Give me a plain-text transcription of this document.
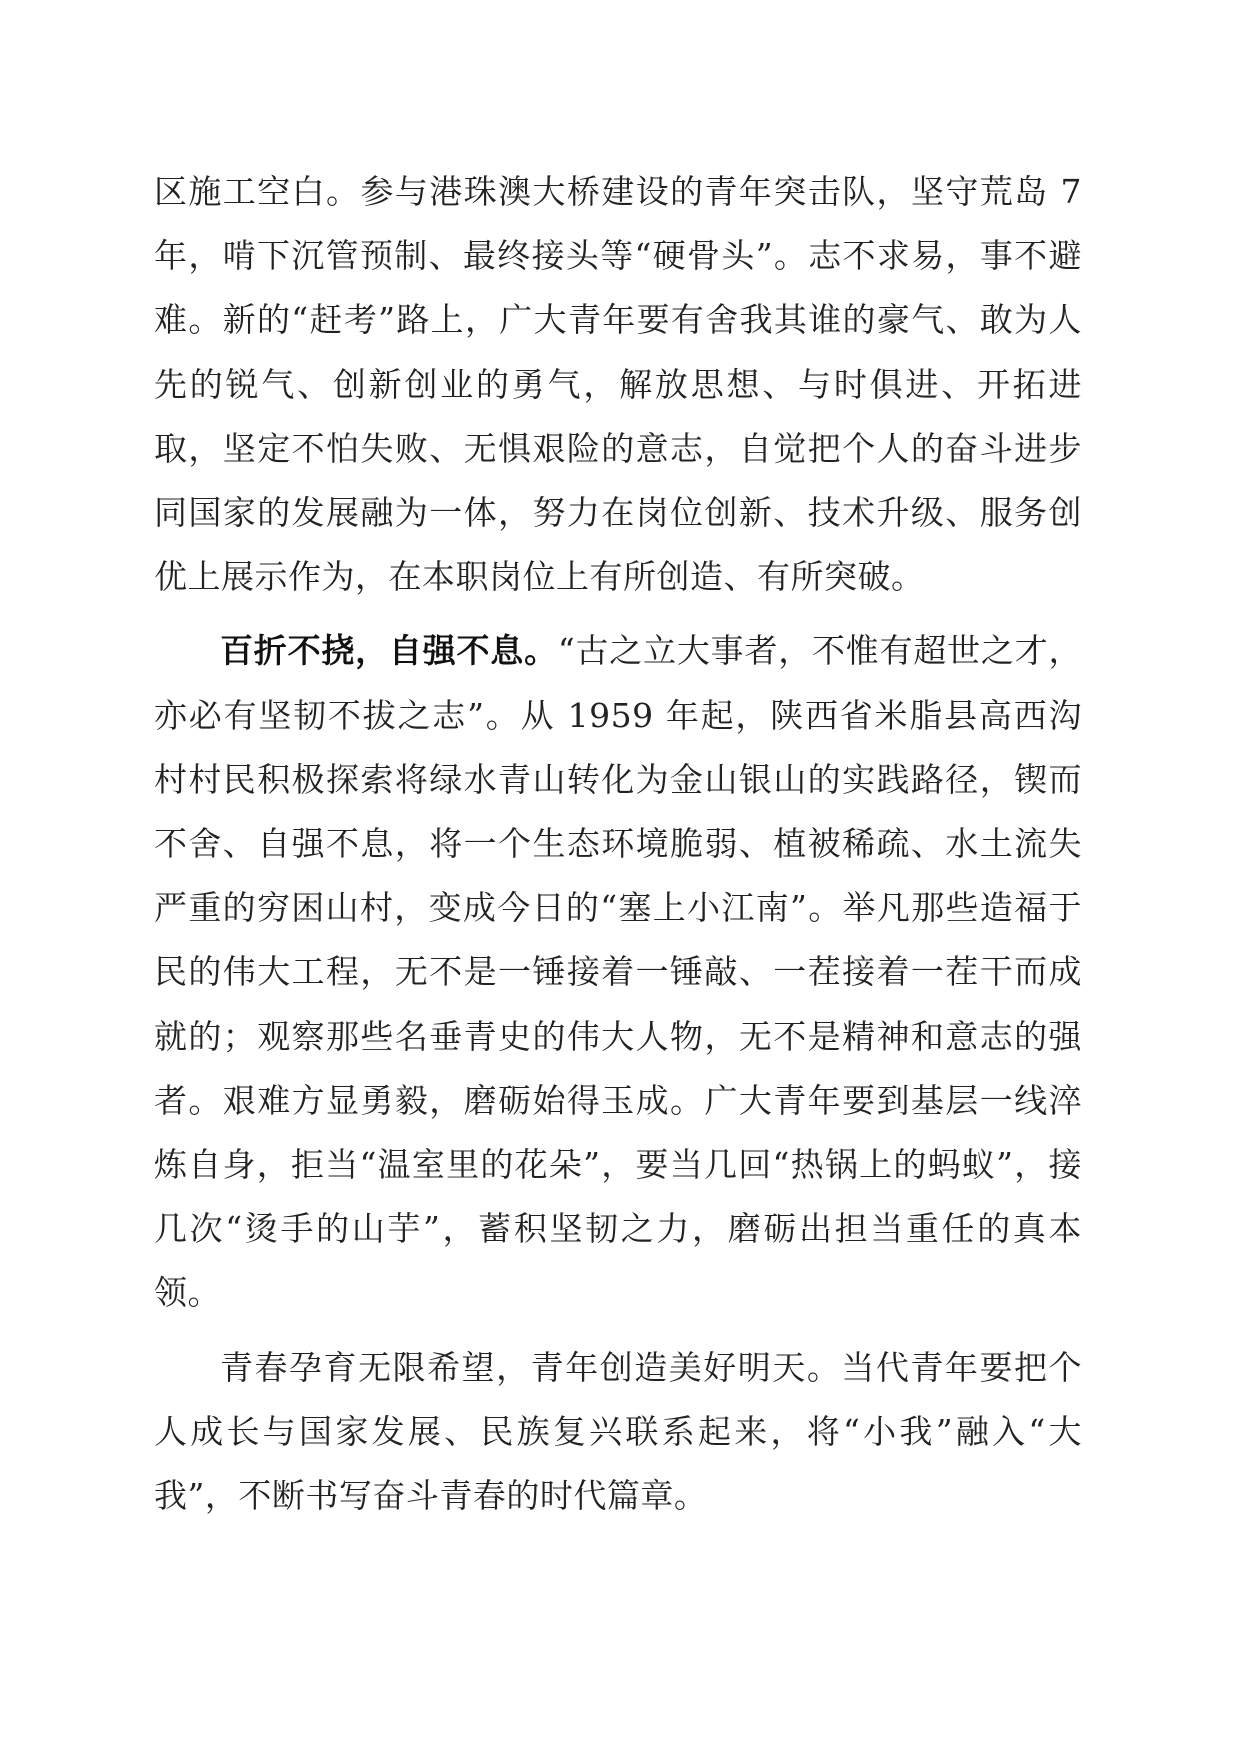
区施工空白。参与港珠澳大桥建设的青年突击队，坚守荒岛 7 年，啃下沉管预制、最终接头等“硬骨头”。志不求易，事不避难。新的“赶考”路上，广大青年要有舍我其谁的豪气、敢为人先的锐气、创新创业的勇气，解放思想、与时俱进、开拓进取，坚定不怕失败、无惧艰险的意志，自觉把个人的奋斗进步同国家的发展融为一体，努力在岗位创新、技术升级、服务创优上展示作为，在本职岗位上有所创造、有所突破。

百折不挠，自强不息。“古之立大事者，不惟有超世之才，亦必有坚韧不拔之志”。从 1959 年起，陕西省米脂县高西沟村村民积极探索将绿水青山转化为金山银山的实践路径，锲而不舍、自强不息，将一个生态环境脆弱、植被稀疏、水土流失严重的穷困山村，变成今日的“塞上小江南”。举凡那些造福于民的伟大工程，无不是一锤接着一锤敲、一茬接着一茬干而成就的；观察那些名垂青史的伟大人物，无不是精神和意志的强者。艰难方显勇毅，磨砺始得玉成。广大青年要到基层一线淬炼自身，拒当“温室里的花朵”，要当几回“热锅上的蚂蚁”，接几次“烫手的山芋”，蓄积坚韧之力，磨砺出担当重任的真本领。

青春孕育无限希望，青年创造美好明天。当代青年要把个人成长与国家发展、民族复兴联系起来，将“小我”融入“大我”，不断书写奋斗青春的时代篇章。
